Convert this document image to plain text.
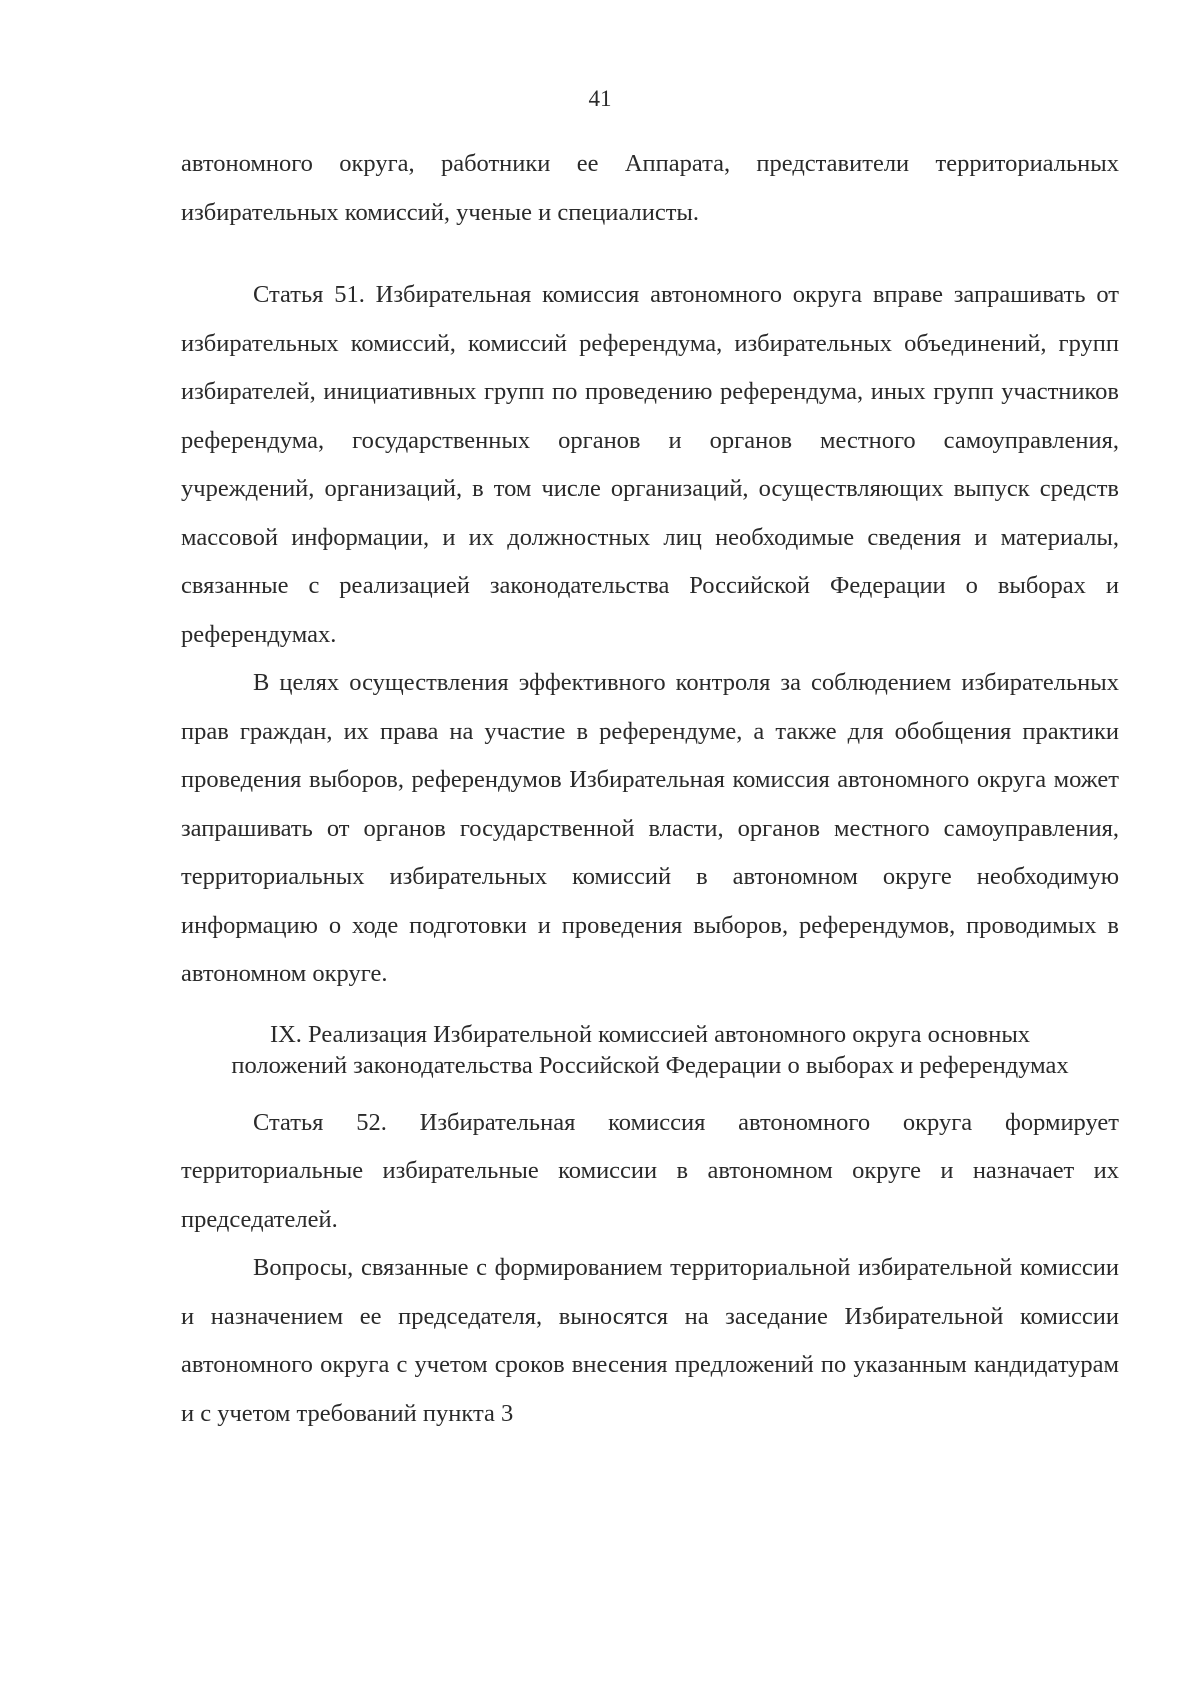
41

автономного округа, работники ее Аппарата, представители территориальных избирательных комиссий, ученые и специалисты.

Статья 51. Избирательная комиссия автономного округа вправе запрашивать от избирательных комиссий, комиссий референдума, избирательных объединений, групп избирателей, инициативных групп по проведению референдума, иных групп участников референдума, государственных органов и органов местного самоуправления, учреждений, организаций, в том числе организаций, осуществляющих выпуск средств массовой информации, и их должностных лиц необходимые сведения и материалы, связанные с реализацией законодательства Российской Федерации о выборах и референдумах.

В целях осуществления эффективного контроля за соблюдением избирательных прав граждан, их права на участие в референдуме, а также для обобщения практики проведения выборов, референдумов Избирательная комиссия автономного округа может запрашивать от органов государственной власти, органов местного самоуправления, территориальных избирательных комиссий в автономном округе необходимую информацию о ходе подготовки и проведения выборов, референдумов, проводимых в автономном округе.

IX. Реализация Избирательной комиссией автономного округа основных положений законодательства Российской Федерации о выборах и референдумах

Статья 52. Избирательная комиссия автономного округа формирует территориальные избирательные комиссии в автономном округе и назначает их председателей.

Вопросы, связанные с формированием территориальной избирательной комиссии и назначением ее председателя, выносятся на заседание Избирательной комиссии автономного округа с учетом сроков внесения предложений по указанным кандидатурам и с учетом требований пункта 3
